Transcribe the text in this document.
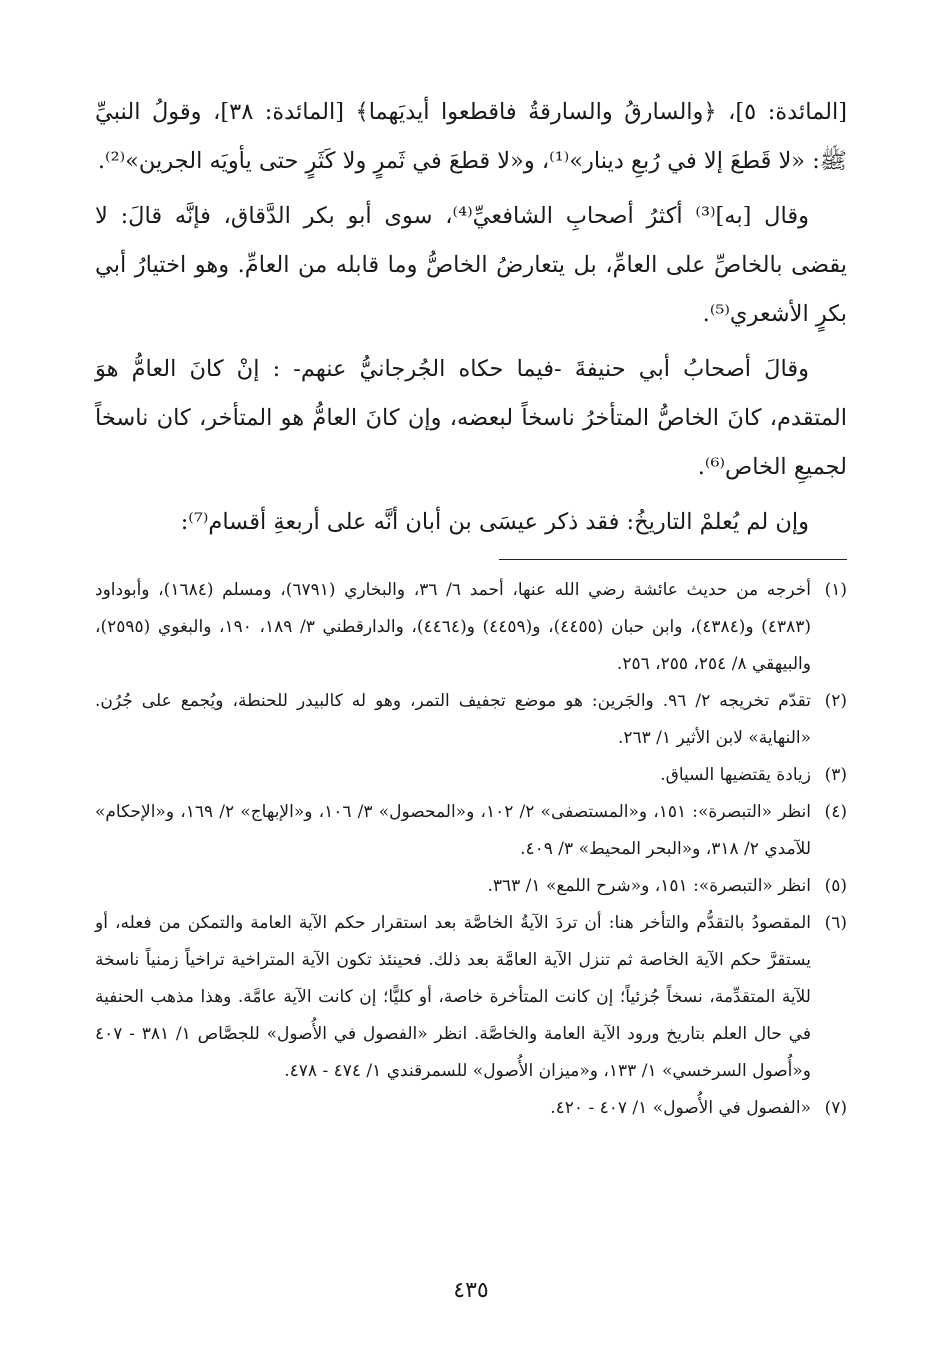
[المائدة: ٥]، ﴿والسارقُ والسارقةُ فاقطعوا أيديَهما﴾ [المائدة: ٣٨]، وقولُ النبيِّ ﷺ: «لا قَطعَ إلا في رُبعِ دينار»⁽¹⁾، و«لا قطعَ في ثَمرٍ ولا كَثَرٍ حتى يأويَه الجرين»⁽²⁾.

وقال [به]⁽³⁾ أكثرُ أصحابِ الشافعيِّ⁽⁴⁾، سوى أبو بكر الدَّقاق، فإنَّه قالَ: لا يقضى بالخاصِّ على العامِّ، بل يتعارضُ الخاصُّ وما قابله من العامِّ. وهو اختيارُ أبي بكرٍ الأشعري⁽⁵⁾.

وقالَ أصحابُ أبي حنيفةَ -فيما حكاه الجُرجانيُّ عنهم- : إنْ كانَ العامُّ هوَ المتقدم، كانَ الخاصُّ المتأخرُ ناسخاً لبعضه، وإن كانَ العامُّ هو المتأخر، كان ناسخاً لجميعِ الخاص⁽⁶⁾.

وإن لم يُعلمْ التاريخُ: فقد ذكر عيسَى بن أبان أنَّه على أربعةِ أقسام⁽⁷⁾:

(١)أخرجه من حديث عائشة رضي الله عنها، أحمد ٦/ ٣٦، والبخاري (٦٧٩١)، ومسلم (١٦٨٤)، وأبوداود (٤٣٨٣) و(٤٣٨٤)، وابن حبان (٤٤٥٥)، و(٤٤٥٩) و(٤٤٦٤)، والدارقطني ٣/ ١٨٩، ١٩٠، والبغوي (٢٥٩٥)، والبيهقي ٨/ ٢٥٤، ٢٥٥، ٢٥٦.

(٢)تقدّم تخريجه ٢/ ٩٦. والجَرين: هو موضع تجفيف التمر، وهو له كالبيدر للحنطة، ويُجمع على جُرُن. «النهاية» لابن الأثير ١/ ٢٦٣.

(٣)زيادة يقتضيها السياق.

(٤)انظر «التبصرة»: ١٥١، و«المستصفى» ٢/ ١٠٢، و«المحصول» ٣/ ١٠٦، و«الإبهاج» ٢/ ١٦٩، و«الإحكام» للآمدي ٢/ ٣١٨، و«البحر المحيط» ٣/ ٤٠٩.

(٥)انظر «التبصرة»: ١٥١، و«شرح اللمع» ١/ ٣٦٣.

(٦)المقصودُ بالتقدُّم والتأخر هنا: أن تردَ الآيةُ الخاصَّة بعد استقرار حكم الآية العامة والتمكن من فعله، أو يستقرَّ حكم الآية الخاصة ثم تنزل الآية العامَّة بعد ذلك. فحينئذ تكون الآية المتراخية تراخياً زمنياً ناسخة للآية المتقدِّمة، نسخاً جُزئياً؛ إن كانت المتأخرة خاصة، أو كليًّا؛ إن كانت الآية عامَّة. وهذا مذهب الحنفية في حال العلم بتاريخ ورود الآية العامة والخاصَّة. انظر «الفصول في الأُصول» للجصَّاص ١/ ٣٨١ - ٤٠٧ و«أُصول السرخسي» ١/ ١٣٣، و«ميزان الأُصول» للسمرقندي ١/ ٤٧٤ - ٤٧٨.

(٧)«الفصول في الأُصول» ١/ ٤٠٧ - ٤٢٠.

٤٣٥
